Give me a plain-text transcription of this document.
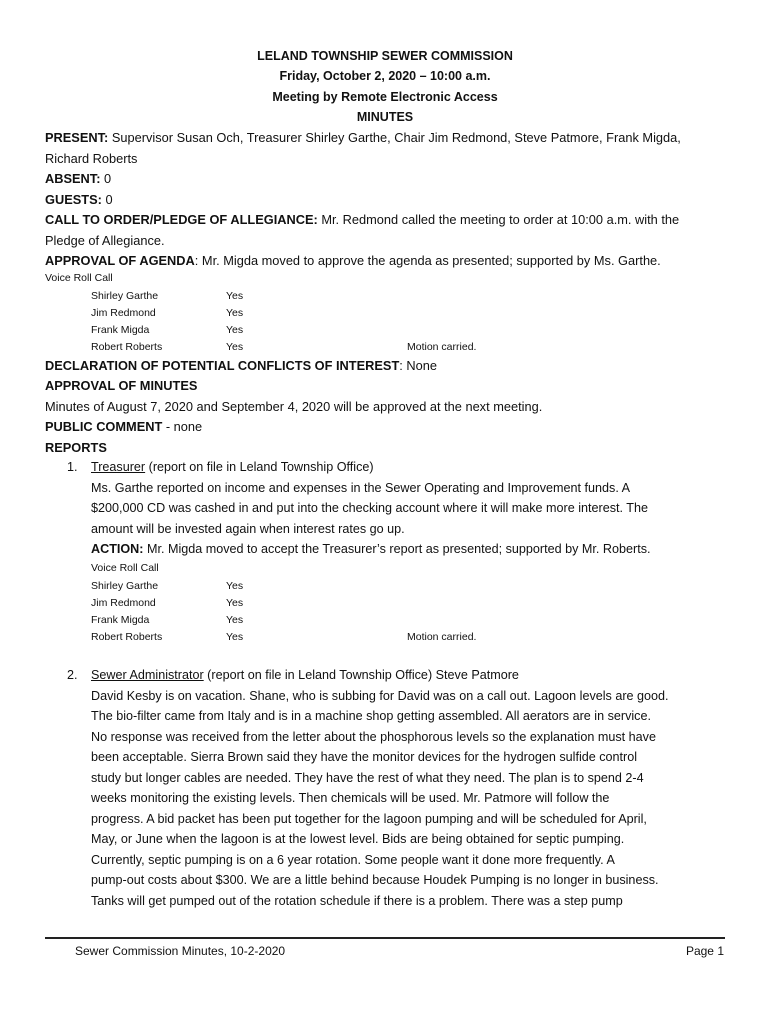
LELAND TOWNSHIP SEWER COMMISSION
Friday, October 2, 2020 – 10:00 a.m.
Meeting by Remote Electronic Access
MINUTES
PRESENT: Supervisor Susan Och, Treasurer Shirley Garthe, Chair Jim Redmond, Steve Patmore, Frank Migda,
Richard Roberts
ABSENT: 0
GUESTS: 0
CALL TO ORDER/PLEDGE OF ALLEGIANCE: Mr. Redmond called the meeting to order at 10:00 a.m. with the
Pledge of Allegiance.
APPROVAL OF AGENDA: Mr. Migda moved to approve the agenda as presented; supported by Ms. Garthe.
Voice Roll Call
Shirley Garthe	Yes
Jim Redmond	Yes
Frank Migda	Yes
Robert Roberts	Yes	Motion carried.
DECLARATION OF POTENTIAL CONFLICTS OF INTEREST: None
APPROVAL OF MINUTES
Minutes of August 7, 2020 and September 4, 2020 will be approved at the next meeting.
PUBLIC COMMENT - none
REPORTS
1. Treasurer (report on file in Leland Township Office)
Ms. Garthe reported on income and expenses in the Sewer Operating and Improvement funds. A
$200,000 CD was cashed in and put into the checking account where it will make more interest. The
amount will be invested again when interest rates go up.
ACTION: Mr. Migda moved to accept the Treasurer’s report as presented; supported by Mr. Roberts.
Voice Roll Call
Shirley Garthe	Yes
Jim Redmond	Yes
Frank Migda	Yes
Robert Roberts	Yes	Motion carried.
2. Sewer Administrator (report on file in Leland Township Office) Steve Patmore
David Kesby is on vacation. Shane, who is subbing for David was on a call out. Lagoon levels are good.
The bio-filter came from Italy and is in a machine shop getting assembled. All aerators are in service.
No response was received from the letter about the phosphorous levels so the explanation must have
been acceptable. Sierra Brown said they have the monitor devices for the hydrogen sulfide control
study but longer cables are needed. They have the rest of what they need. The plan is to spend 2-4
weeks monitoring the existing levels. Then chemicals will be used. Mr. Patmore will follow the
progress. A bid packet has been put together for the lagoon pumping and will be scheduled for April,
May, or June when the lagoon is at the lowest level. Bids are being obtained for septic pumping.
Currently, septic pumping is on a 6 year rotation. Some people want it done more frequently. A
pump-out costs about $300. We are a little behind because Houdek Pumping is no longer in business.
Tanks will get pumped out of the rotation schedule if there is a problem. There was a step pump
Sewer Commission Minutes, 10-2-2020	Page 1
